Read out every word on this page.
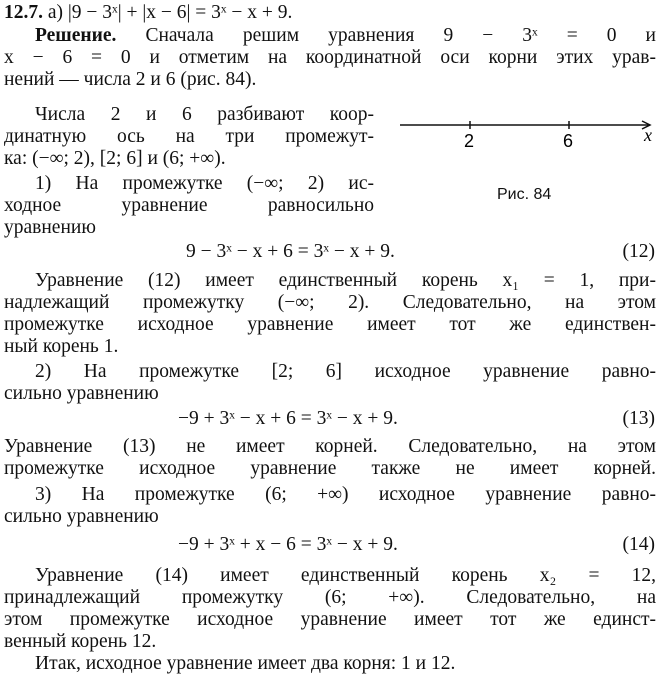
12.7. а) |9 − 3ˣ| + |x − 6| = 3ˣ − x + 9.
Решение. Сначала решим уравнения 9 − 3ˣ = 0 и
x − 6 = 0 и отметим на координатной оси корни этих урав-
нений — числа 2 и 6 (рис. 84).
Числа 2 и 6 разбивают коор-
динатную ось на три промежут-
ка: (−∞; 2), [2; 6] и (6; +∞).
1) На промежутке (−∞; 2) ис-
ходное уравнение равносильно
уравнению
2	6	x
Рис. 84
9 − 3ˣ − x + 6 = 3ˣ − x + 9.	(12)
Уравнение (12) имеет единственный корень x₁ = 1, при-
надлежащий промежутку (−∞; 2). Следовательно, на этом
промежутке исходное уравнение имеет тот же единствен-
ный корень 1.
2) На промежутке [2; 6] исходное уравнение равно-
сильно уравнению
−9 + 3ˣ − x + 6 = 3ˣ − x + 9.	(13)
Уравнение (13) не имеет корней. Следовательно, на этом
промежутке исходное уравнение также не имеет корней.
3) На промежутке (6; +∞) исходное уравнение равно-
сильно уравнению
−9 + 3ˣ + x − 6 = 3ˣ − x + 9.	(14)
Уравнение (14) имеет единственный корень x₂ = 12,
принадлежащий промежутку (6; +∞). Следовательно, на
этом промежутке исходное уравнение имеет тот же единст-
венный корень 12.
Итак, исходное уравнение имеет два корня: 1 и 12.
